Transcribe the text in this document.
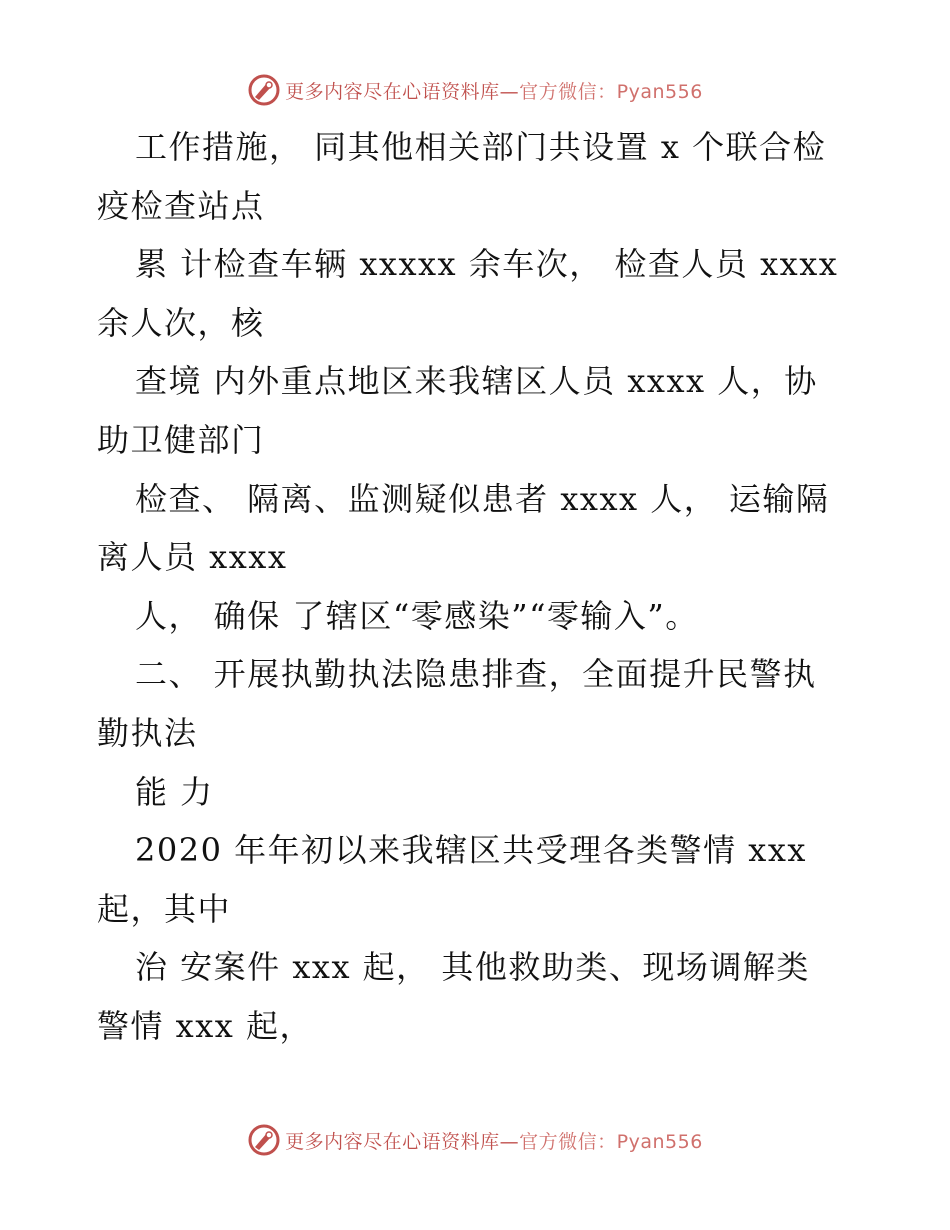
更多内容尽在心语资料库—官方微信：Pyan556
工作措施， 同其他相关部门共设置 x 个联合检
疫检查站点
累 计检查车辆 xxxxx 余车次， 检查人员 xxxx
余人次，核
查境 内外重点地区来我辖区人员 xxxx 人，协
助卫健部门
检查、 隔离、监测疑似患者 xxxx 人， 运输隔
离人员 xxxx
人， 确保 了辖区“零感染”“零输入”。
二、 开展执勤执法隐患排查，全面提升民警执
勤执法
能 力
2020 年年初以来我辖区共受理各类警情 xxx
起，其中
治 安案件 xxx 起， 其他救助类、现场调解类
警情 xxx 起，
更多内容尽在心语资料库—官方微信：Pyan556
